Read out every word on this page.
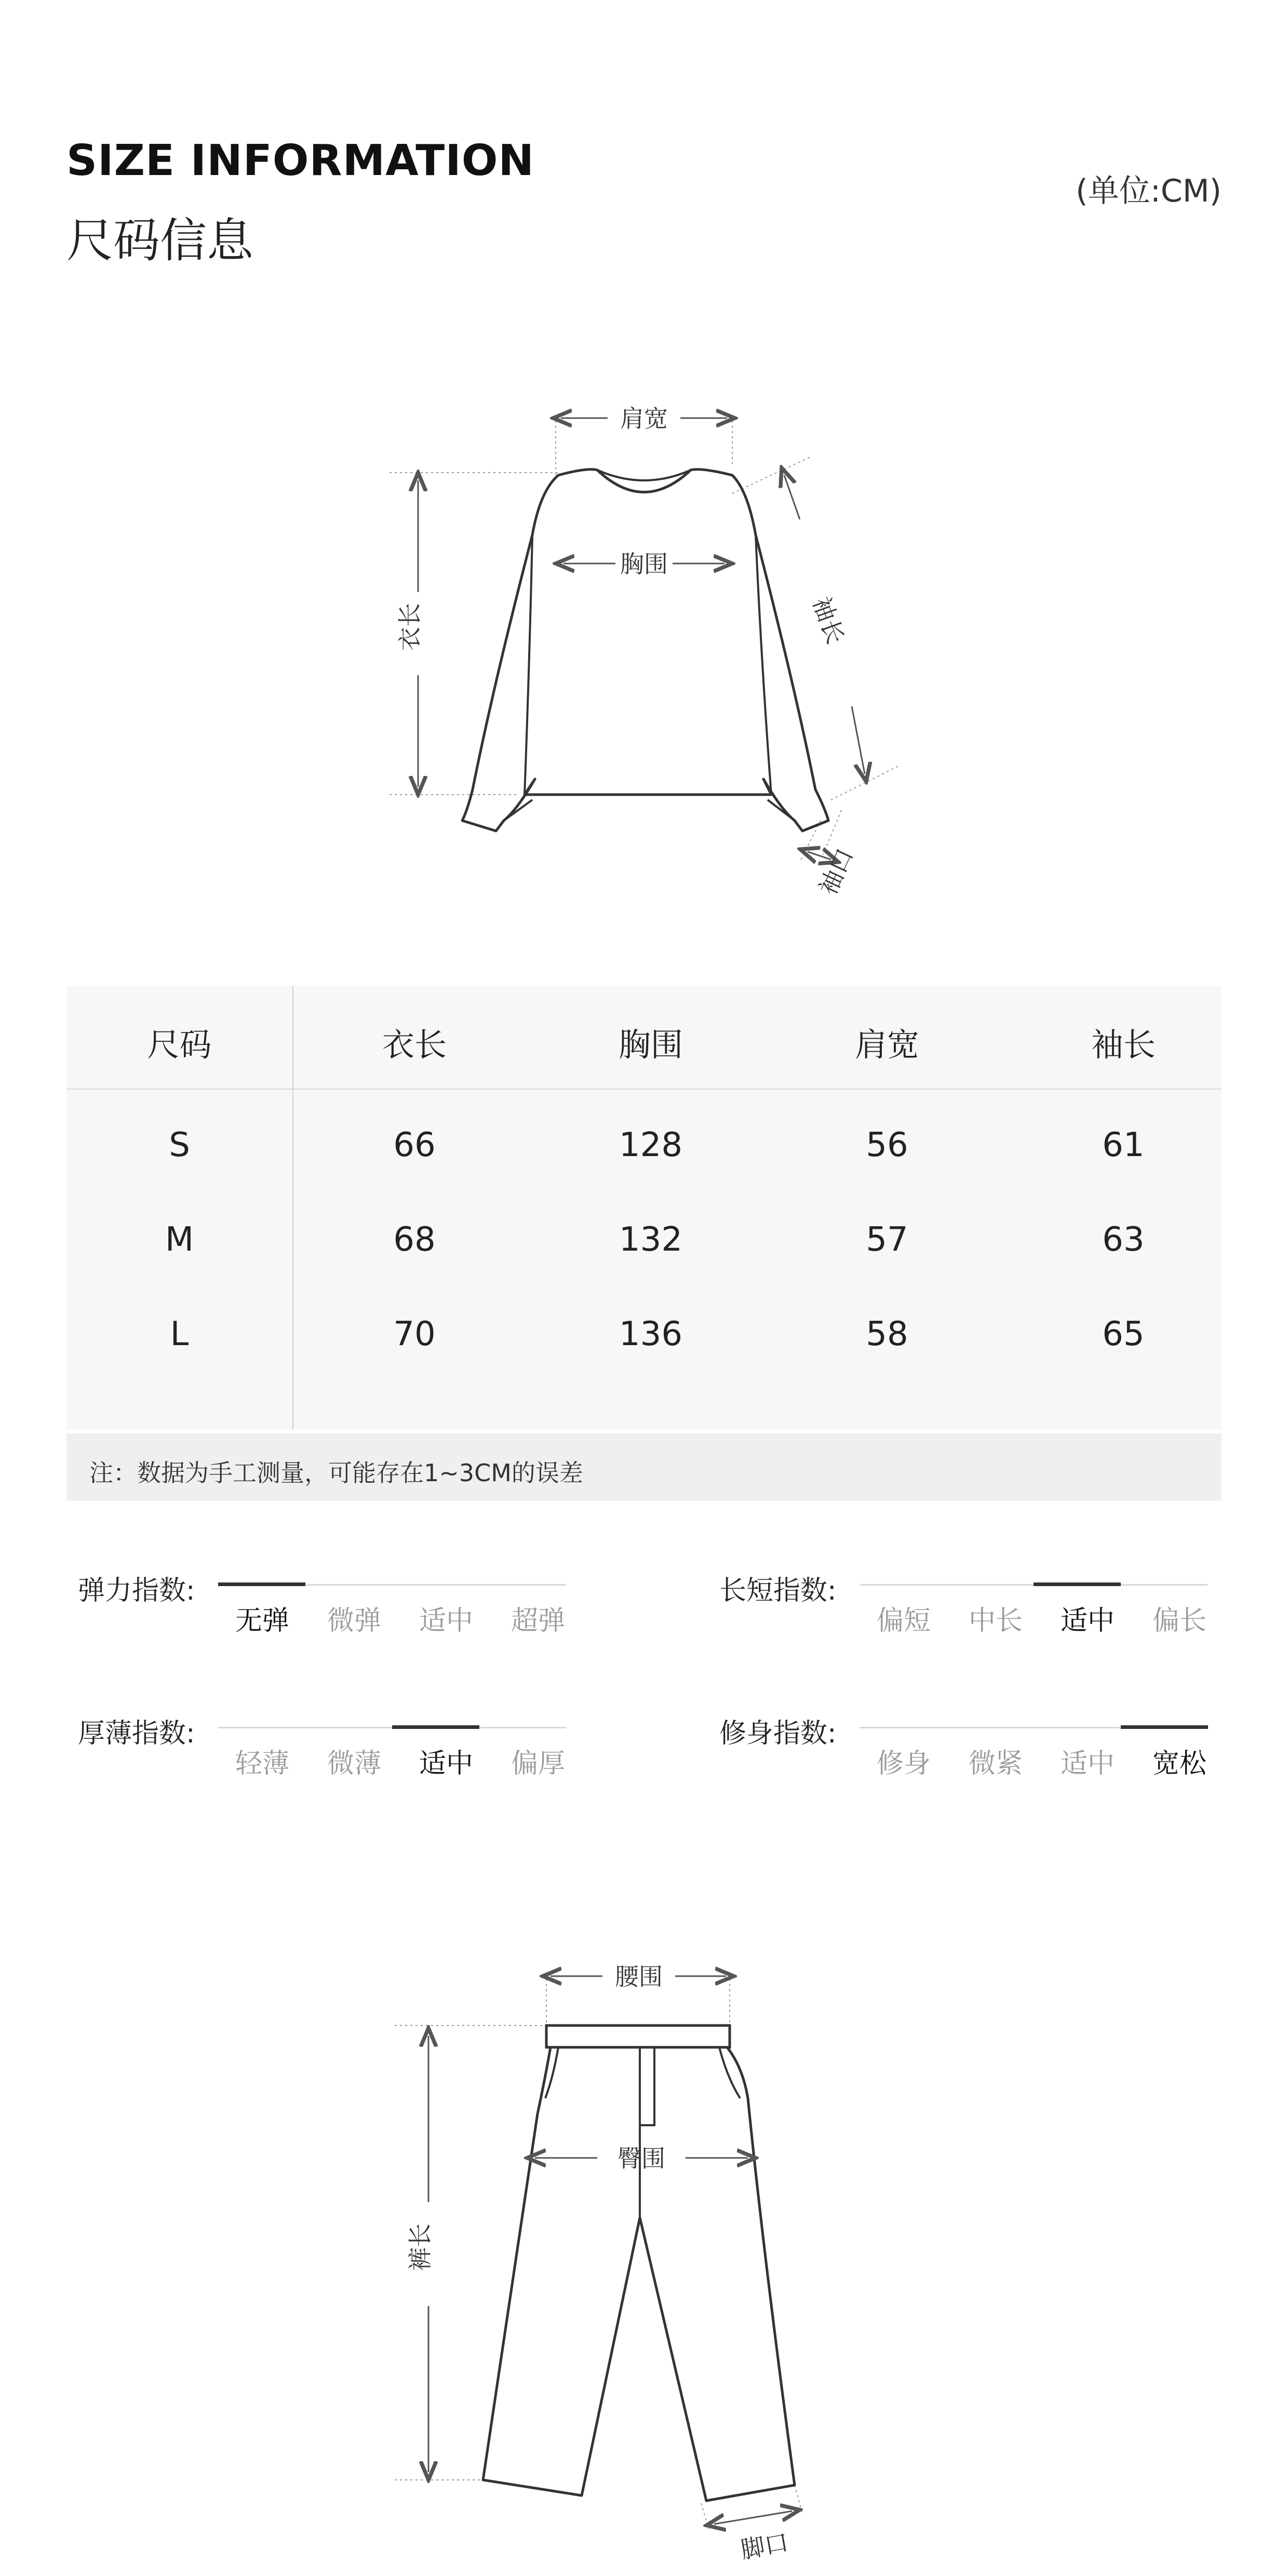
SIZE INFORMATION
尺码信息
(单位:CM)
肩宽
胸围
衣长	袖长
袖口
尺码	衣长	胸围	肩宽	袖长
S	66	128	56	61
M	68	132	57	63
L	70	136	58	65
注：数据为手工测量，可能存在1~3CM的误差
弹力指数:
无弹	微弹	适中	超弹
长短指数:
偏短	中长	适中	偏长
厚薄指数:
轻薄	微薄	适中	偏厚
修身指数:
修身	微紧	适中	宽松
腰围
臀围
裤长
脚口
